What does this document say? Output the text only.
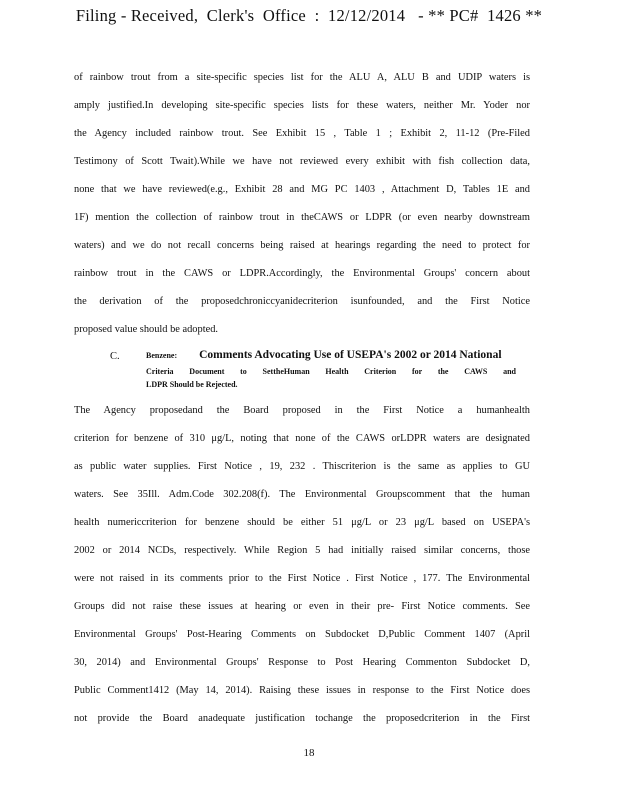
Filing - Received,  Clerk's  Office  :  12/12/2014   - ** PC#  1426 **
of rainbow trout from a site-specific species list for the ALU A, ALU B and UDIP waters is
amply justified.In developing site-specific species lists for these waters, neither Mr. Yoder nor
the Agency included rainbow trout. See Exhibit 15 , Table 1 ; Exhibit 2, 11-12 (Pre-Filed
Testimony of Scott Twait).While we have not reviewed every exhibit with fish collection data,
none that we have reviewed(e.g., Exhibit 28 and MG PC 1403 , Attachment D, Tables 1E and
1F) mention the collection of rainbow trout in theCAWS or LDPR (or even nearby downstream
waters) and we do not recall concerns being raised at hearings regarding the need to protect for
rainbow trout in the CAWS or LDPR.Accordingly, the Environmental Groups' concern about
the derivation of the proposedchroniccyanidecriterion isunfounded, and the First Notice
proposed value should be adopted.
C.	Benzene: Comments Advocating Use of USEPA's 2002 or 2014 National
Criteria Document to SettheHuman Health Criterion for the CAWS and
LDPR Should be Rejected.
The Agency proposedand the Board proposed in the First Notice a humanhealth
criterion for benzene of 310 μg/L, noting that none of the CAWS orLDPR waters are designated
as public water supplies. First Notice , 19, 232 . Thiscriterion is the same as applies to GU
waters. See 35Ill. Adm.Code 302.208(f). The Environmental Groupscomment that the human
health numericcriterion for benzene should be either 51 μg/L or 23 μg/L based on USEPA's
2002 or 2014 NCDs, respectively. While Region 5 had initially raised similar concerns, those
were not raised in its comments prior to the First Notice . First Notice , 177. The Environmental
Groups did not raise these issues at hearing or even in their pre- First Notice comments. See
Environmental Groups' Post-Hearing Comments on Subdocket D,Public Comment 1407 (April
30, 2014) and Environmental Groups' Response to Post Hearing Commenton Subdocket D,
Public Comment1412 (May 14, 2014). Raising these issues in response to the First Notice does
not provide the Board anadequate justification tochange the proposedcriterion in the First
18
